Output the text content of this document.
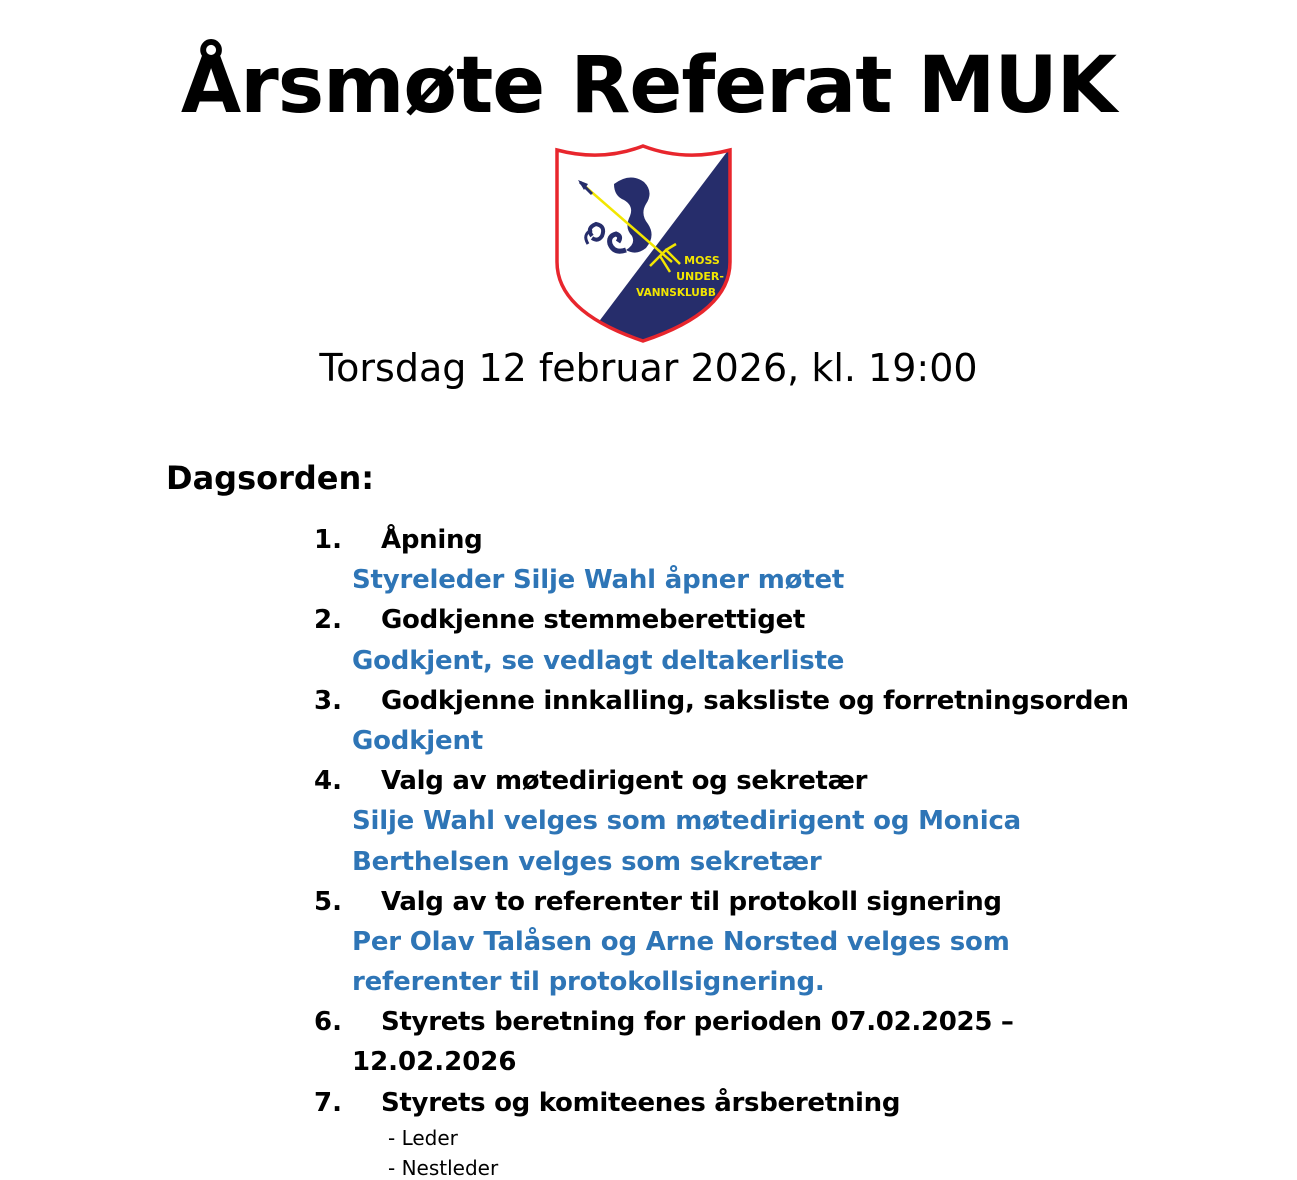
Årsmøte Referat MUK
MOSS
UNDER-
VANNSKLUBB
Torsdag 12 februar 2026, kl. 19:00
Dagsorden:
1. Åpning
Styreleder Silje Wahl åpner møtet
2. Godkjenne stemmeberettiget
Godkjent, se vedlagt deltakerliste
3. Godkjenne innkalling, saksliste og forretningsorden
Godkjent
4. Valg av møtedirigent og sekretær
Silje Wahl velges som møtedirigent og Monica
Berthelsen velges som sekretær
5. Valg av to referenter til protokoll signering
Per Olav Talåsen og Arne Norsted velges som
referenter til protokollsignering.
6. Styrets beretning for perioden 07.02.2025 –
12.02.2026
7. Styrets og komiteenes årsberetning
- Leder
- Nestleder
